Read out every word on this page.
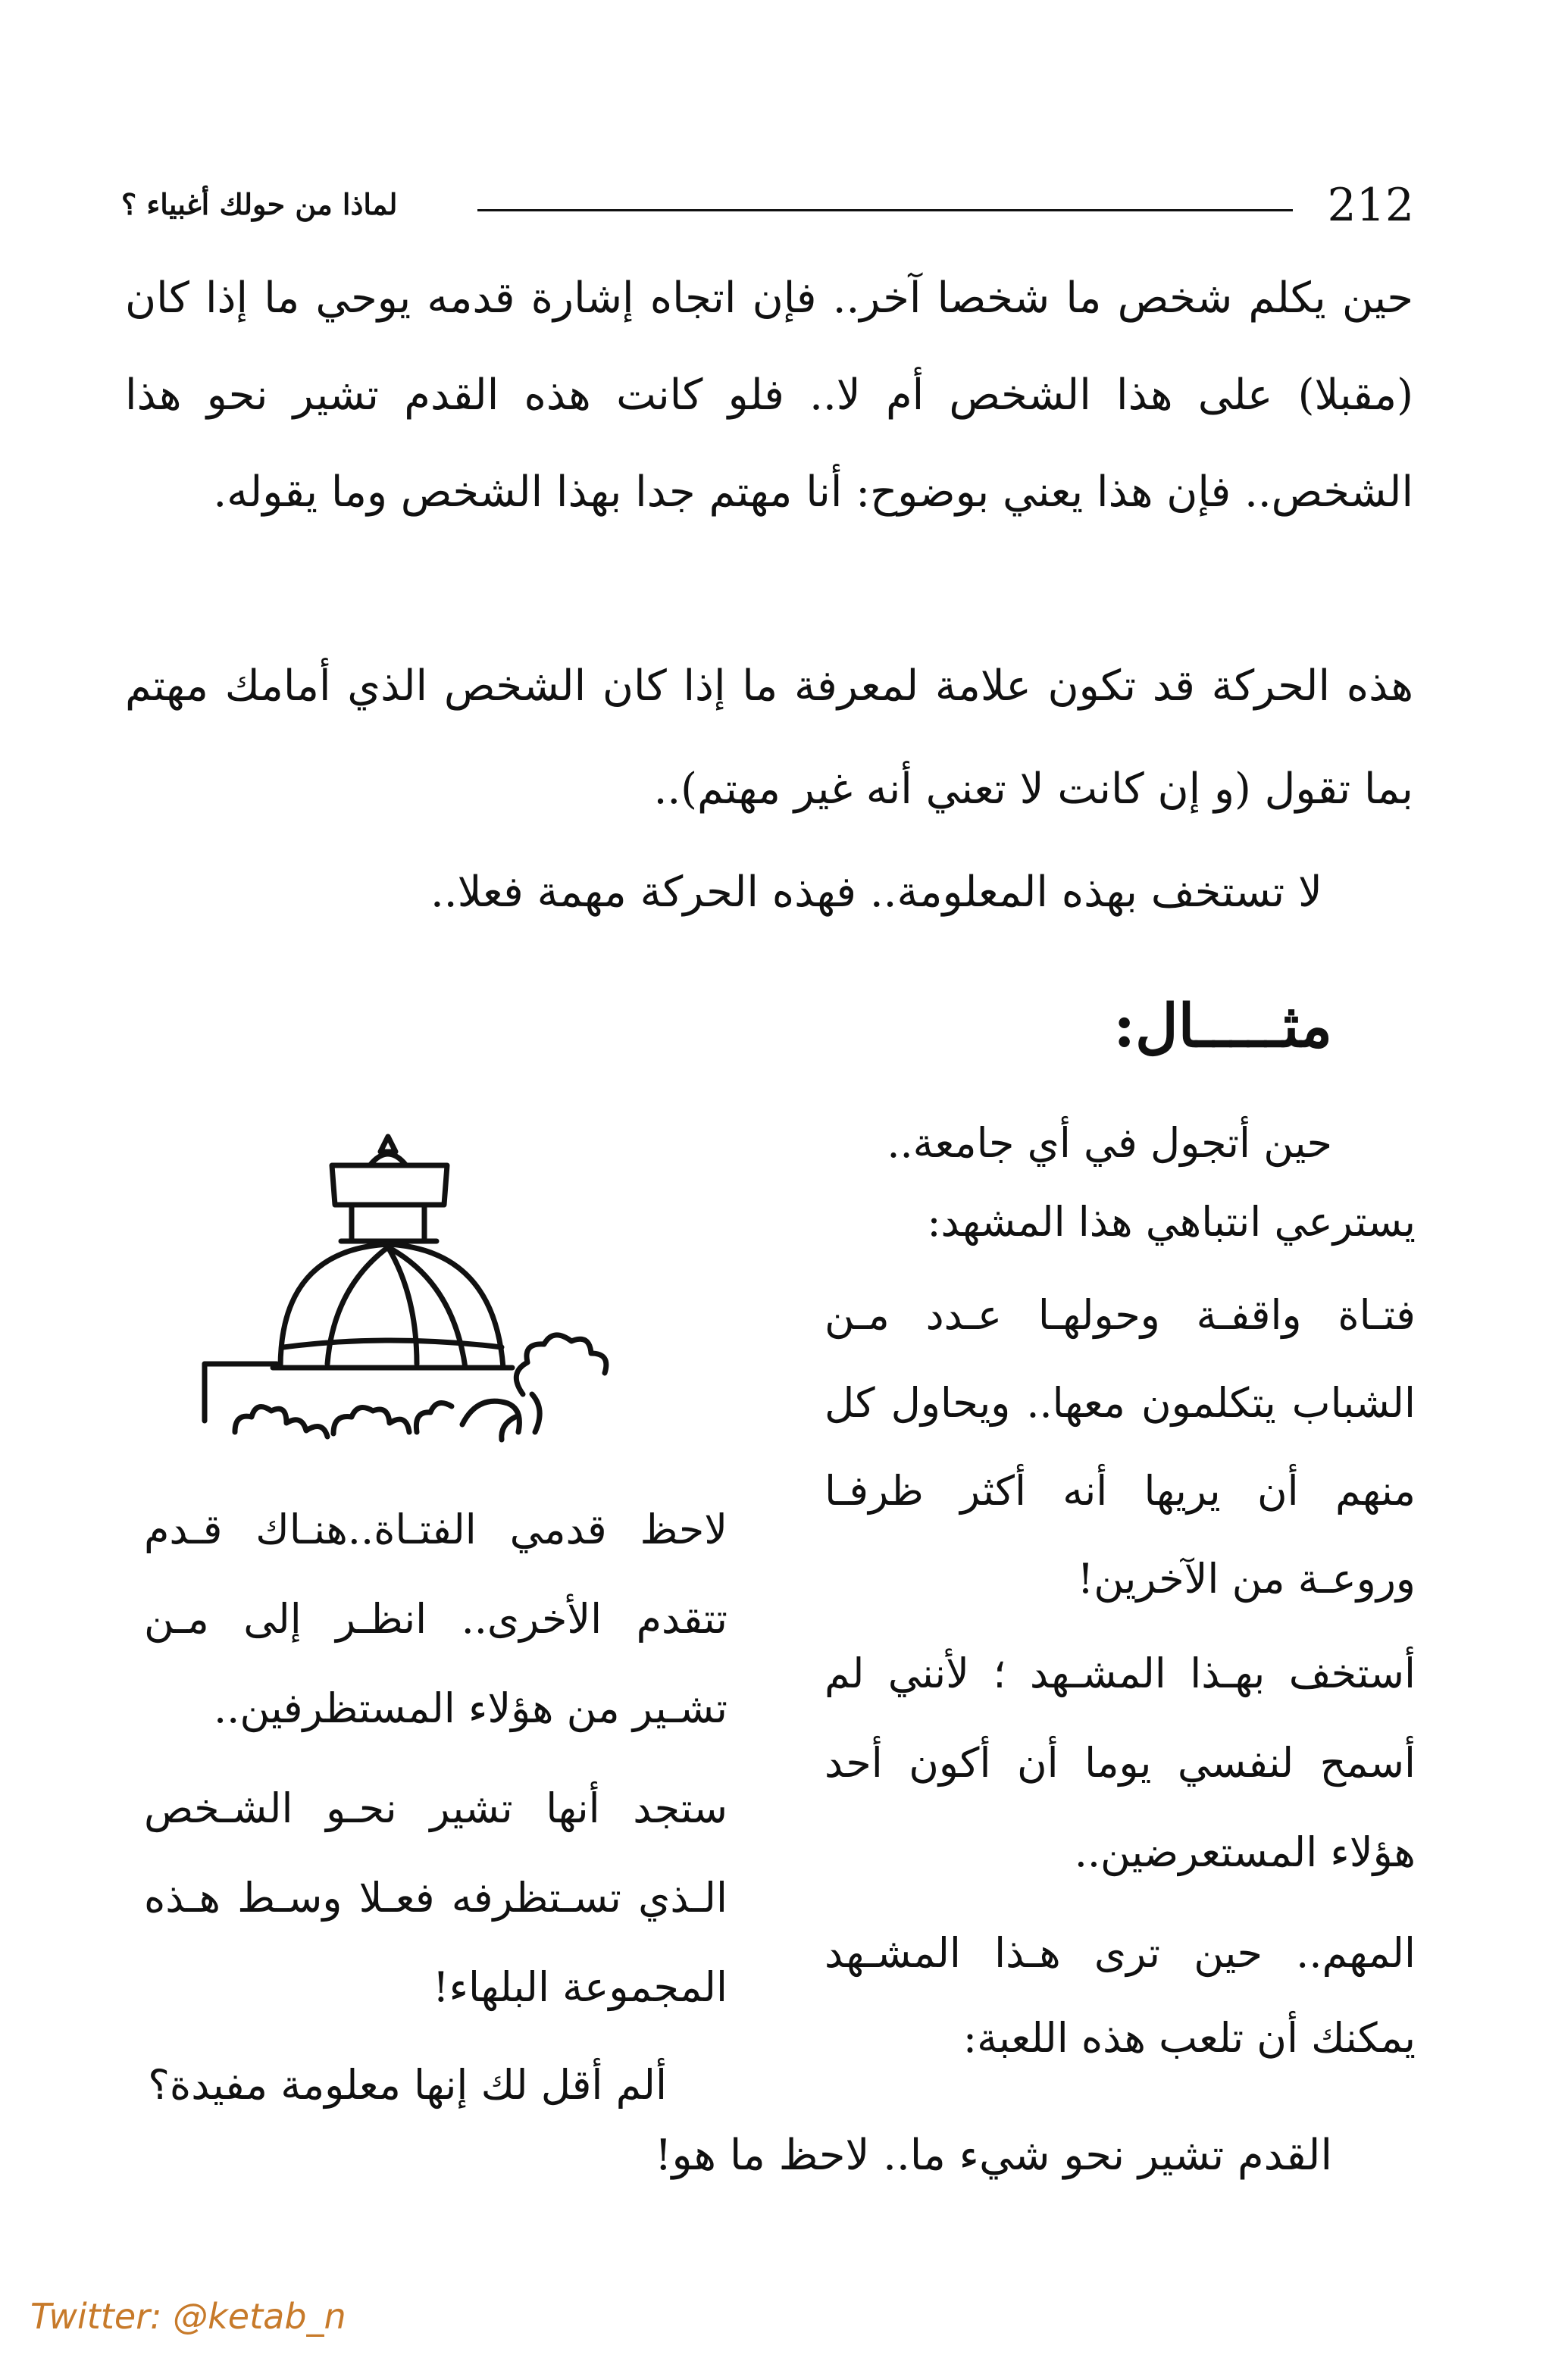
لماذا من حولك أغبياء ؟	212
حين يكلم شخص ما شخصا آخر.. فإن اتجاه إشارة قدمه يوحي ما إذا كان (مقبلا) على هذا الشخص أم لا.. فلو كانت هذه القدم تشير نحو هذا الشخص.. فإن هذا يعني بوضوح: أنا مهتم جدا بهذا الشخص وما يقوله.
هذه الحركة قد تكون علامة لمعرفة ما إذا كان الشخص الذي أمامك مهتم بما تقول (و إن كانت لا تعني أنه غير مهتم)..
لا تستخف بهذه المعلومة.. فهذه الحركة مهمة فعلا..
مثـــــال:

حين أتجول في أي جامعة..

يسترعي انتباهي هذا المشهد:

فتـاة واقفـة وحولهـا عـدد مـن الشباب يتكلمون معها.. ويحاول كل منهم أن يريها أنه أكثر ظرفـا وروعـة من الآخرين!

أستخف بهـذا المشـهد ؛ لأنني لم أسمح لنفسي يوما أن أكون أحد هؤلاء المستعرضين..

المهم.. حين ترى هـذا المشـهد يمكنك أن تلعب هذه اللعبة:

لاحظ قدمي الفتـاة..هنـاك قـدم تتقدم الأخرى.. انظـر إلى مـن تشـير من هؤلاء المستظرفين..

ستجد أنها تشير نحـو الشـخص الـذي تسـتظرفه فعـلا وسـط هـذه المجموعة البلهاء!

ألم أقل لك إنها معلومة مفيدة؟

القدم تشير نحو شيء ما.. لاحظ ما هو!
Twitter: @ketab_n
